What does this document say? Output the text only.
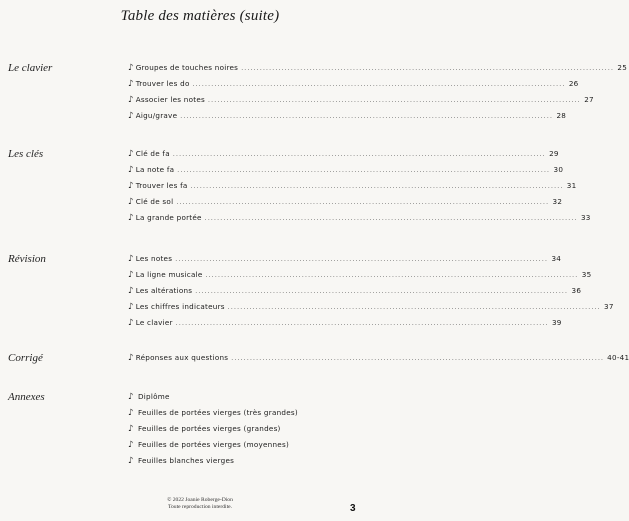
Table des matières (suite)
Le clavier	♪ Groupes de touches noires ........................................................................................................................ 25
♪ Trouver les do ........................................................................................................................ 26
♪ Associer les notes ........................................................................................................................ 27
♪ Aigu/grave ........................................................................................................................ 28
Les clés	♪ Clé de fa ........................................................................................................................ 29
♪ La note fa ........................................................................................................................ 30
♪ Trouver les fa ........................................................................................................................ 31
♪ Clé de sol ........................................................................................................................ 32
♪ La grande portée ........................................................................................................................ 33
Révision	♪ Les notes ........................................................................................................................ 34
♪ La ligne musicale ........................................................................................................................ 35
♪ Les altérations ........................................................................................................................ 36
♪ Les chiffres indicateurs ........................................................................................................................ 37
♪ Le clavier ........................................................................................................................ 39
Corrigé	♪ Réponses aux questions ........................................................................................................................ 40-41
Annexes	♪ Diplôme
♪ Feuilles de portées vierges (très grandes)
♪ Feuilles de portées vierges (grandes)
♪ Feuilles de portées vierges (moyennes)
♪ Feuilles blanches vierges
© 2022 Joanie Roberge-Dion
Toute reproduction interdite.	3
